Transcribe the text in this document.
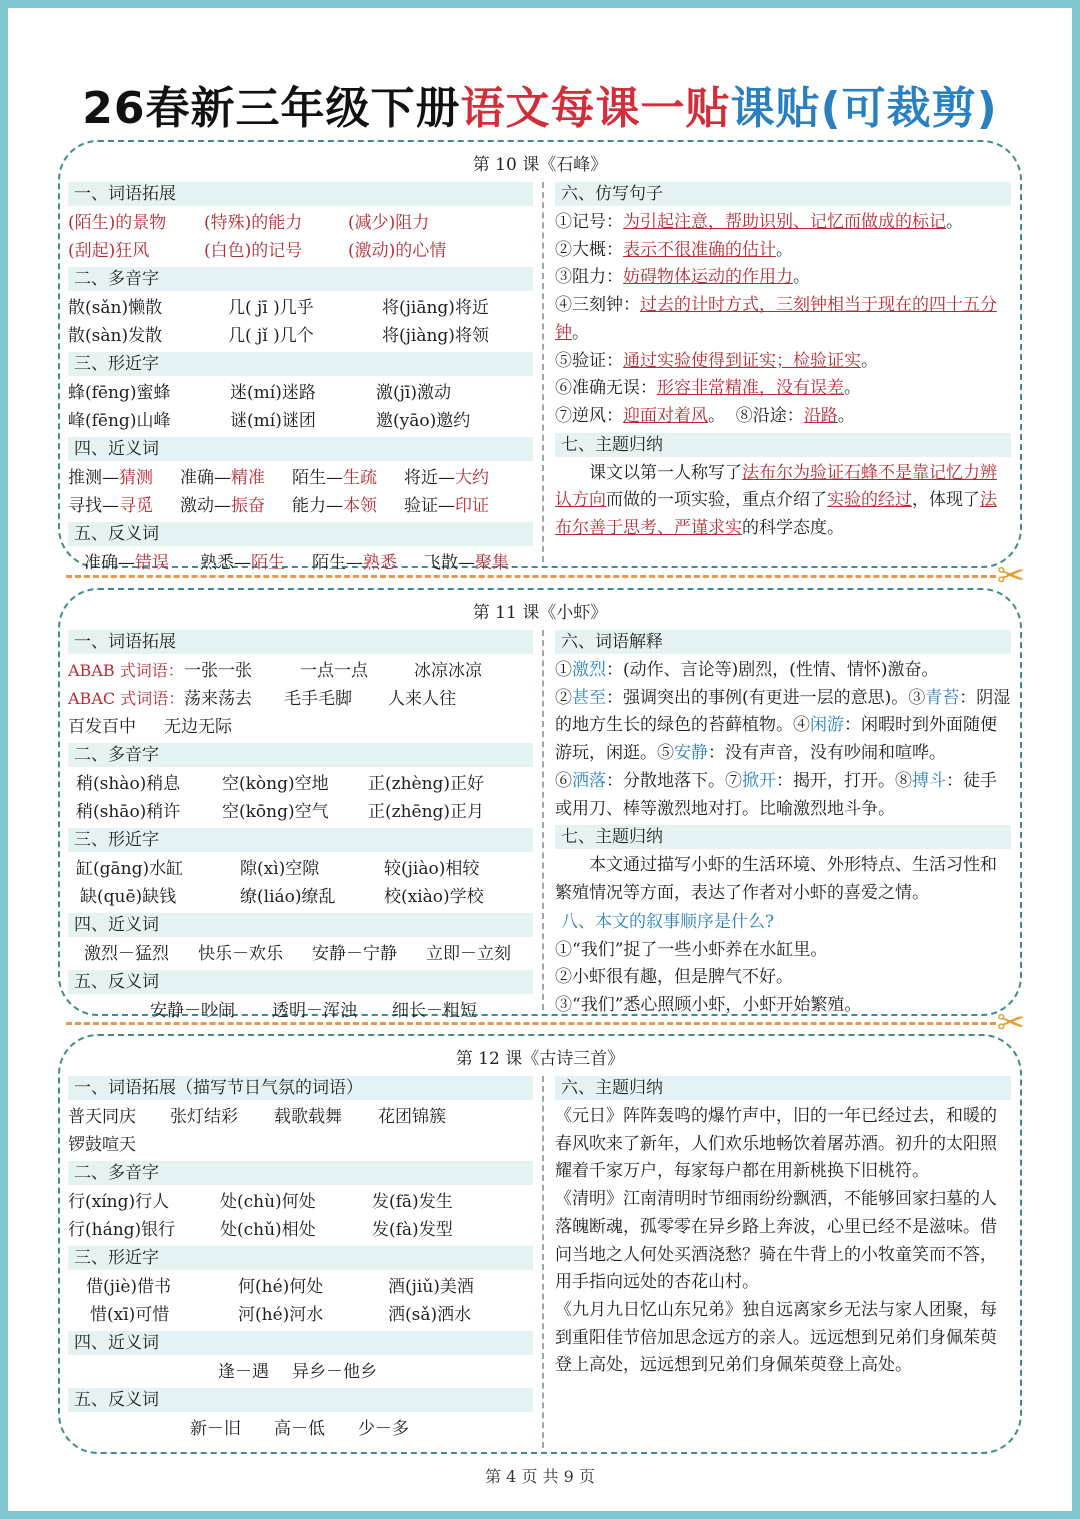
26春新三年级下册语文每课一贴课贴(可裁剪)
第 10 课《石峰》
一、词语拓展
(陌生)的景物	(特殊)的能力	(减少)阻力
(刮起)狂风	(白色)的记号	(激动)的心情
二、多音字
散(sǎn)懒散	几( jī )几乎	将(jiāng)将近
散(sàn)发散	几( jǐ )几个	将(jiàng)将领
三、形近字
蜂(fēng)蜜蜂	迷(mí)迷路	激(jī)激动
峰(fēng)山峰	谜(mí)谜团	邀(yāo)邀约
四、近义词
推测—猜测	准确—精准	陌生—生疏	将近—大约
寻找—寻觅	激动—振奋	能力—本领	验证—印证
五、反义词
准确—错误	熟悉—陌生	陌生—熟悉	飞散—聚集
六、仿写句子
①记号：为引起注意，帮助识别、记忆而做成的标记。
②大概：表示不很准确的估计。
③阻力：妨碍物体运动的作用力。
④三刻钟：过去的计时方式，三刻钟相当于现在的四十五分钟。
⑤验证：通过实验使得到证实；检验证实。
⑥准确无误：形容非常精准，没有误差。
⑦逆风：迎面对着风。  ⑧沿途：沿路。
七、主题归纳
课文以第一人称写了法布尔为验证石蜂不是靠记忆力辨认方向而做的一项实验，重点介绍了实验的经过，体现了法布尔善于思考、严谨求实的科学态度。
✂
第 11 课《小虾》
一、词语拓展
ABAB 式词语： 一张一张	一点一点	冰凉冰凉
ABAC 式词语： 荡来荡去	毛手毛脚	人来人往
百发百中	无边无际
二、多音字
稍(shào)稍息	空(kòng)空地	正(zhèng)正好
稍(shāo)稍许	空(kōng)空气	正(zhēng)正月
三、形近字
缸(gāng)水缸	隙(xì)空隙	较(jiào)相较
缺(quē)缺钱	缭(liáo)缭乱	校(xiào)学校
四、近义词
激烈－猛烈	快乐－欢乐	安静－宁静	立即－立刻
五、反义词
安静－吵闹	透明－浑浊	细长－粗短
六、词语解释
①激烈：(动作、言论等)剧烈，(性情、情怀)激奋。
②甚至：强调突出的事例(有更进一层的意思)。③青苔：阴湿的地方生长的绿色的苔藓植物。④闲游：闲暇时到外面随便游玩，闲逛。⑤安静：没有声音，没有吵闹和喧哗。
⑥洒落：分散地落下。⑦掀开：揭开，打开。⑧搏斗：徒手或用刀、棒等激烈地对打。比喻激烈地斗争。
七、主题归纳
本文通过描写小虾的生活环境、外形特点、生活习性和繁殖情况等方面，表达了作者对小虾的喜爱之情。
八、本文的叙事顺序是什么?
①“我们”捉了一些小虾养在水缸里。
②小虾很有趣，但是脾气不好。
③“我们”悉心照顾小虾，小虾开始繁殖。	✂
第 12 课《古诗三首》
一、词语拓展（描写节日气氛的词语）
普天同庆	张灯结彩	载歌载舞	花团锦簇
锣鼓喧天
二、多音字
行(xíng)行人	处(chù)何处	发(fā)发生
行(háng)银行	处(chǔ)相处	发(fà)发型
三、形近字
借(jiè)借书	何(hé)何处	酒(jiǔ)美酒
惜(xī)可惜	河(hé)河水	洒(sǎ)洒水
四、近义词
逢－遇	异乡－他乡
五、反义词
新－旧	高－低	少－多
六、主题归纳
《元日》阵阵轰鸣的爆竹声中，旧的一年已经过去，和暖的春风吹来了新年，人们欢乐地畅饮着屠苏酒。初升的太阳照耀着千家万户，每家每户都在用新桃换下旧桃符。
《清明》江南清明时节细雨纷纷飘洒，不能够回家扫墓的人落魄断魂，孤零零在异乡路上奔波，心里已经不是滋味。借问当地之人何处买酒浇愁？骑在牛背上的小牧童笑而不答，用手指向远处的杏花山村。
《九月九日忆山东兄弟》独自远离家乡无法与家人团聚，每到重阳佳节倍加思念远方的亲人。远远想到兄弟们身佩茱萸登上高处，远远想到兄弟们身佩茱萸登上高处。
第 4 页 共 9 页
